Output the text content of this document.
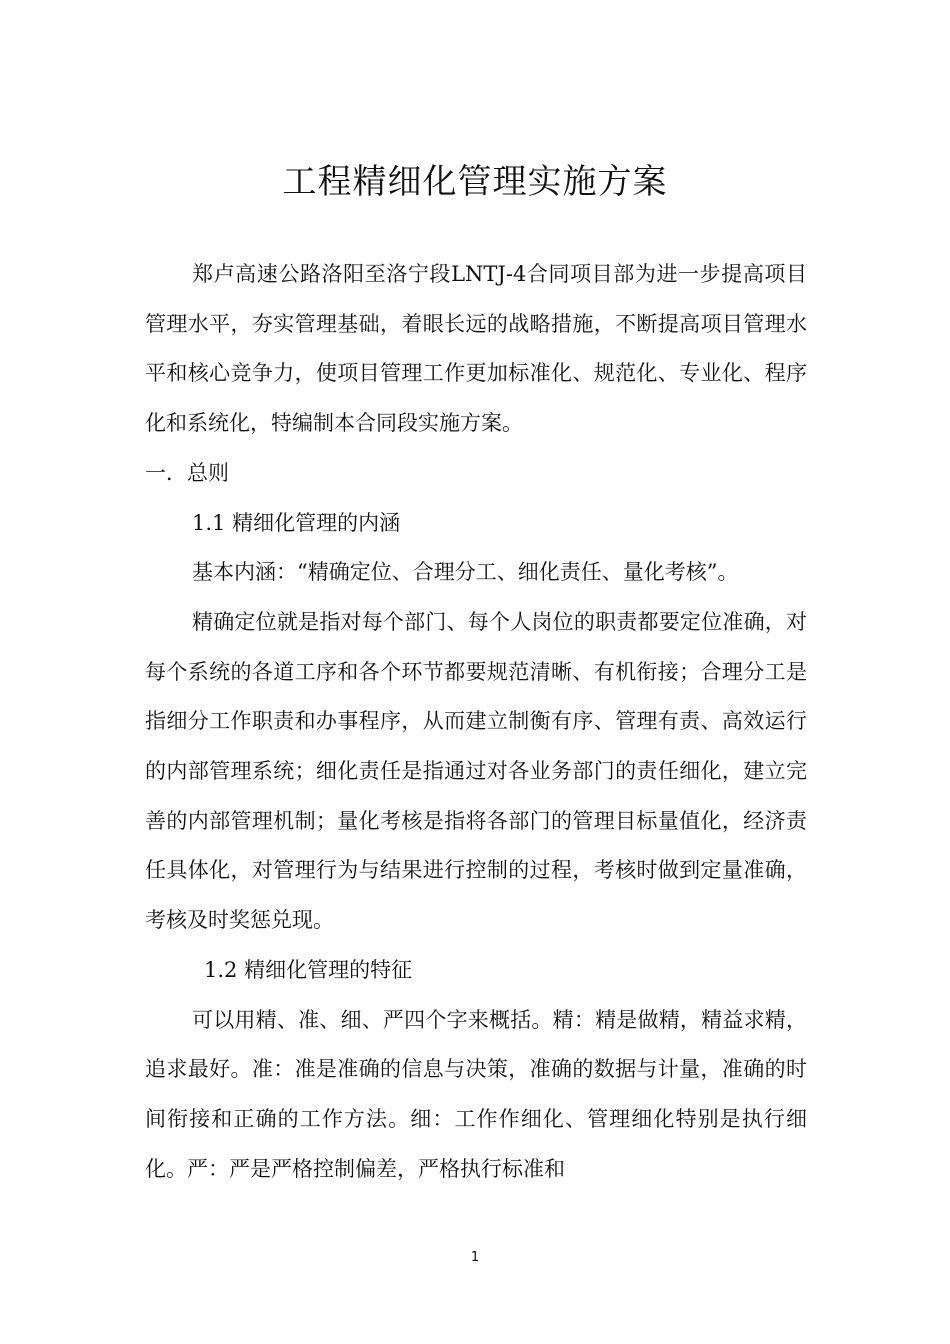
工程精细化管理实施方案

郑卢高速公路洛阳至洛宁段LNTJ-4合同项目部为进一步提高项目管理水平，夯实管理基础，着眼长远的战略措施，不断提高项目管理水平和核心竞争力，使项目管理工作更加标准化、规范化、专业化、程序化和系统化，特编制本合同段实施方案。

一．总则

1.1 精细化管理的内涵

基本内涵：“精确定位、合理分工、细化责任、量化考核”。

精确定位就是指对每个部门、每个人岗位的职责都要定位准确，对每个系统的各道工序和各个环节都要规范清晰、有机衔接；合理分工是指细分工作职责和办事程序，从而建立制衡有序、管理有责、高效运行的内部管理系统；细化责任是指通过对各业务部门的责任细化，建立完善的内部管理机制；量化考核是指将各部门的管理目标量值化，经济责任具体化，对管理行为与结果进行控制的过程，考核时做到定量准确，考核及时奖惩兑现。

1.2 精细化管理的特征

可以用精、准、细、严四个字来概括。精：精是做精，精益求精，追求最好。准：准是准确的信息与决策，准确的数据与计量，准确的时间衔接和正确的工作方法。细：工作作细化、管理细化特别是执行细化。严：严是严格控制偏差，严格执行标准和

1
